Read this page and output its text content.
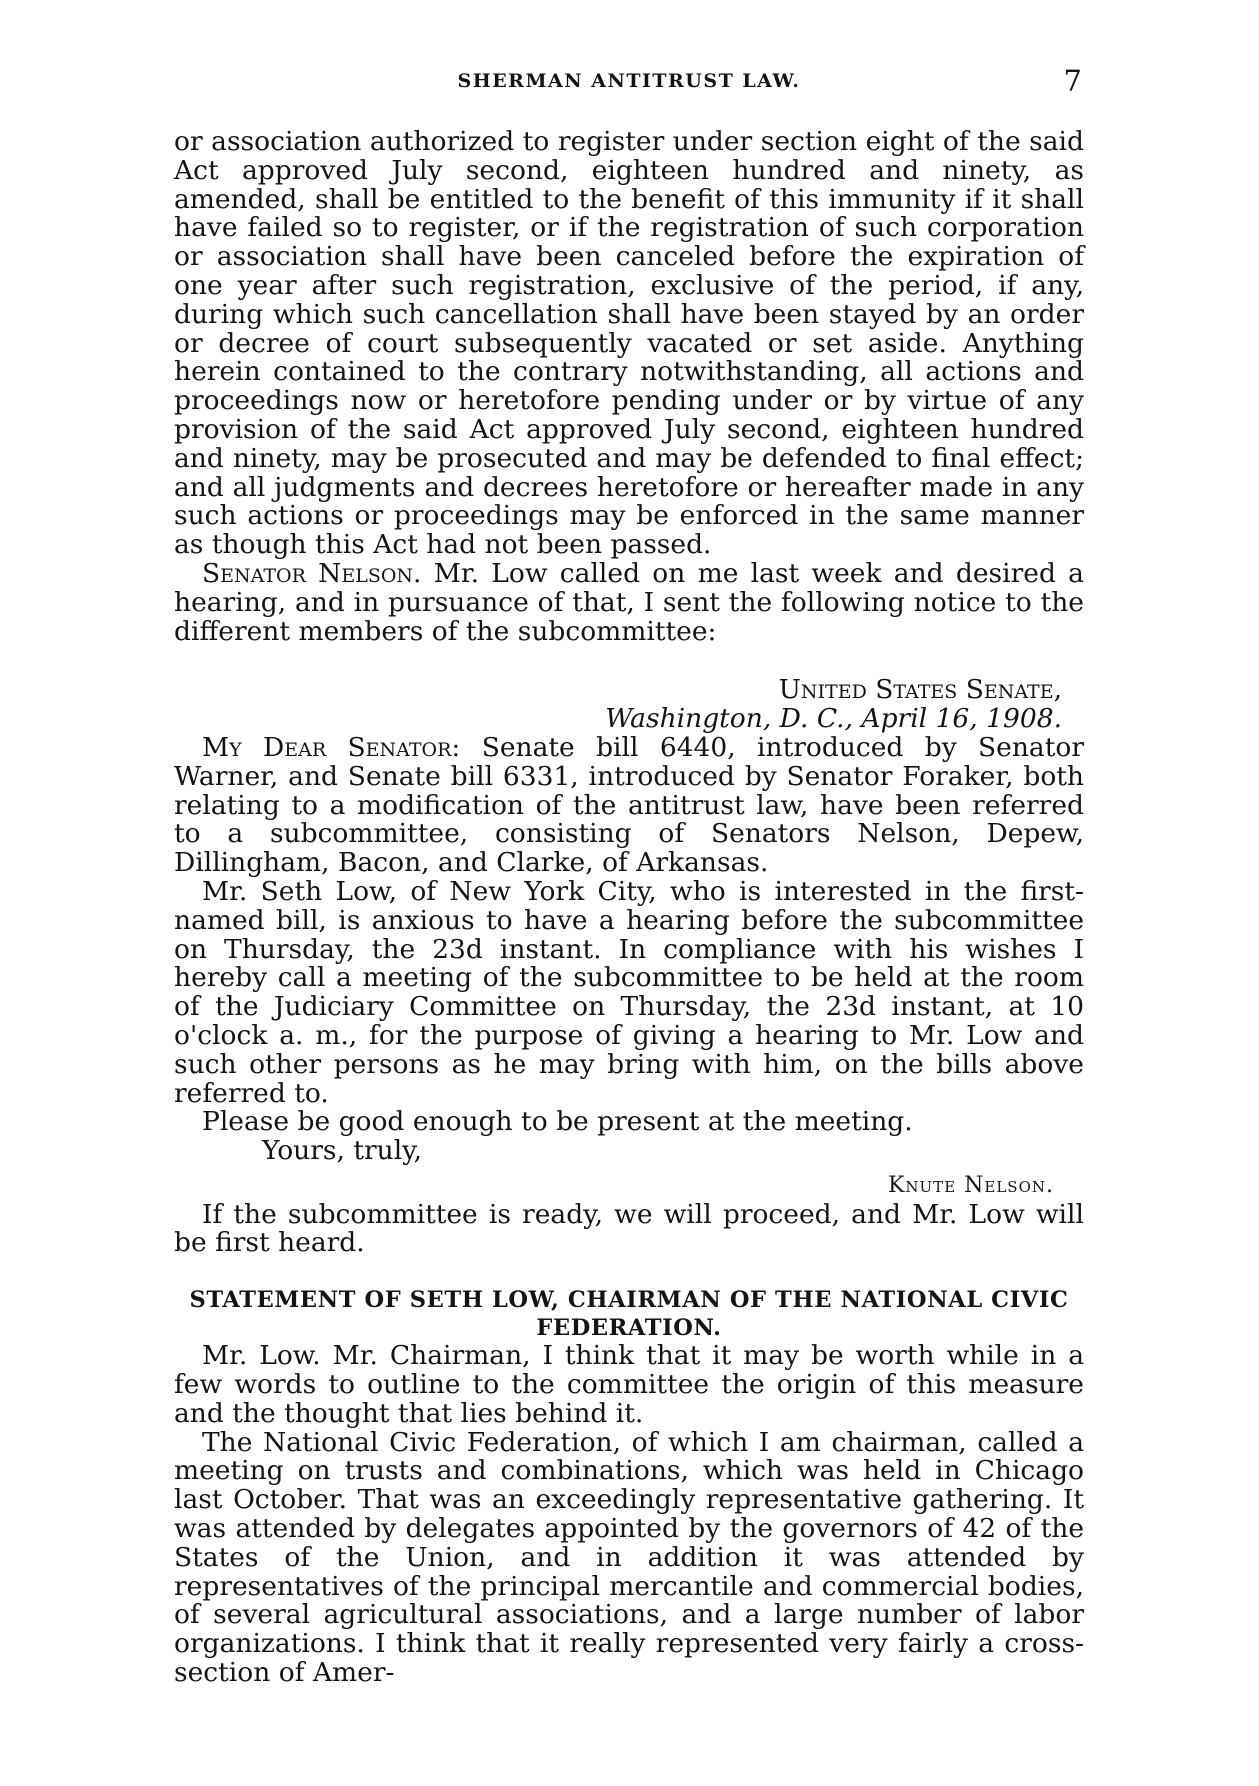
SHERMAN ANTITRUST LAW.	7

or association authorized to register under section eight of the said Act approved July second, eighteen hundred and ninety, as amended, shall be entitled to the benefit of this immunity if it shall have failed so to register, or if the registration of such corporation or association shall have been canceled before the expiration of one year after such registration, exclusive of the period, if any, during which such cancellation shall have been stayed by an order or decree of court subsequently vacated or set aside. Anything herein contained to the contrary notwithstanding, all actions and proceedings now or heretofore pending under or by virtue of any provision of the said Act approved July second, eighteen hundred and ninety, may be prosecuted and may be defended to final effect; and all judgments and decrees heretofore or hereafter made in any such actions or proceedings may be enforced in the same manner as though this Act had not been passed.

Senator Nelson. Mr. Low called on me last week and desired a hearing, and in pursuance of that, I sent the following notice to the different members of the subcommittee:

United States Senate,
Washington, D. C., April 16, 1908.

My Dear Senator: Senate bill 6440, introduced by Senator Warner, and Senate bill 6331, introduced by Senator Foraker, both relating to a modification of the antitrust law, have been referred to a subcommittee, consisting of Senators Nelson, Depew, Dillingham, Bacon, and Clarke, of Arkansas.

Mr. Seth Low, of New York City, who is interested in the first-named bill, is anxious to have a hearing before the subcommittee on Thursday, the 23d instant. In compliance with his wishes I hereby call a meeting of the subcommittee to be held at the room of the Judiciary Committee on Thursday, the 23d instant, at 10 o'clock a. m., for the purpose of giving a hearing to Mr. Low and such other persons as he may bring with him, on the bills above referred to.

Please be good enough to be present at the meeting.

Yours, truly,

Knute Nelson.

If the subcommittee is ready, we will proceed, and Mr. Low will be first heard.

STATEMENT OF SETH LOW, CHAIRMAN OF THE NATIONAL CIVIC FEDERATION.

Mr. Low. Mr. Chairman, I think that it may be worth while in a few words to outline to the committee the origin of this measure and the thought that lies behind it.

The National Civic Federation, of which I am chairman, called a meeting on trusts and combinations, which was held in Chicago last October. That was an exceedingly representative gathering. It was attended by delegates appointed by the governors of 42 of the States of the Union, and in addition it was attended by representatives of the principal mercantile and commercial bodies, of several agricultural associations, and a large number of labor organizations. I think that it really represented very fairly a cross-section of Amer-
